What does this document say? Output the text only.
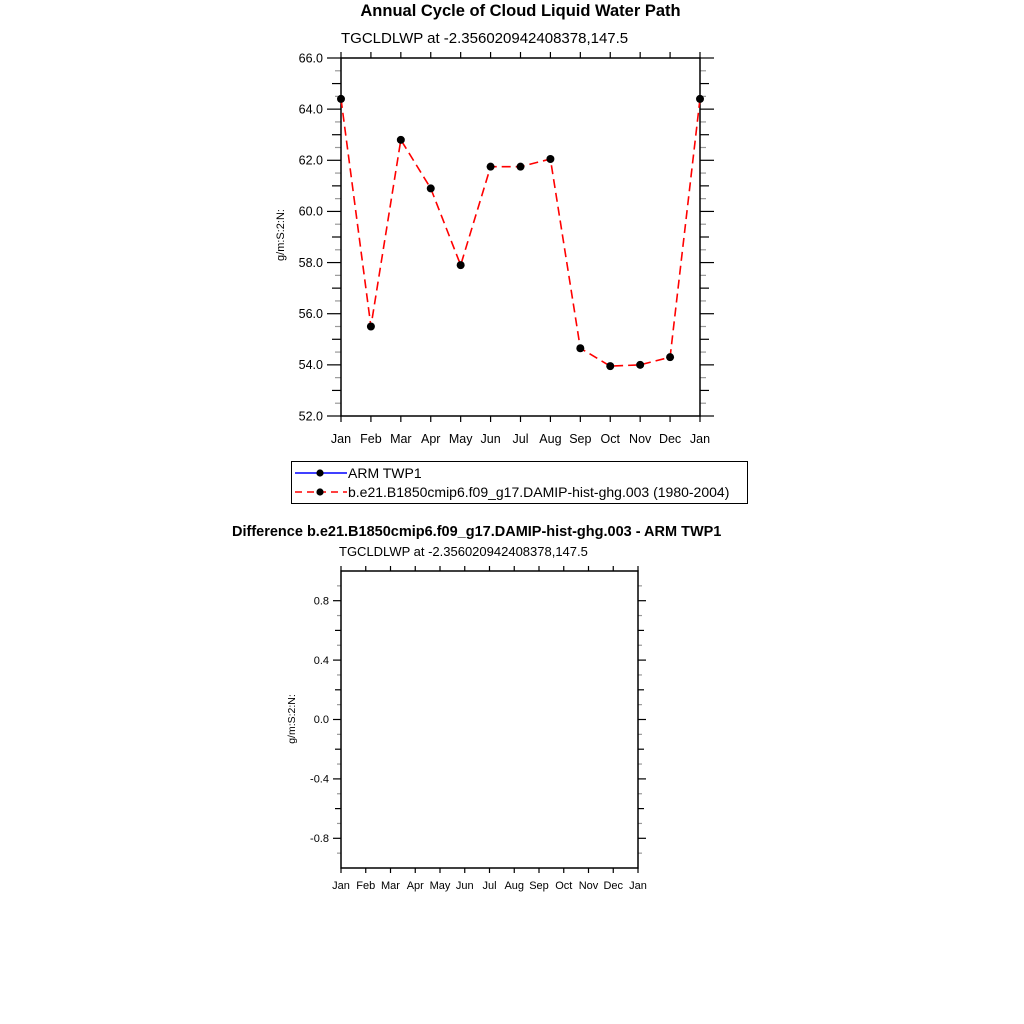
Annual Cycle of Cloud Liquid Water Path
TGCLDLWP at -2.356020942408378,147.5
g/m:S:2:N:
52.0
54.0
56.0
58.0
60.0
62.0
64.0
66.0
Jan Feb Mar Apr May Jun Jul Aug Sep Oct Nov Dec Jan
-0.8
-0.4
0.0
0.4
0.8
Jan Feb Mar Apr May Jun Jul Aug Sep Oct Nov Dec Jan
ARM TWP1
b.e21.B1850cmip6.f09_g17.DAMIP-hist-ghg.003 (1980-2004)
Difference b.e21.B1850cmip6.f09_g17.DAMIP-hist-ghg.003 - ARM TWP1
TGCLDLWP at -2.356020942408378,147.5
g/m:S:2:N:
